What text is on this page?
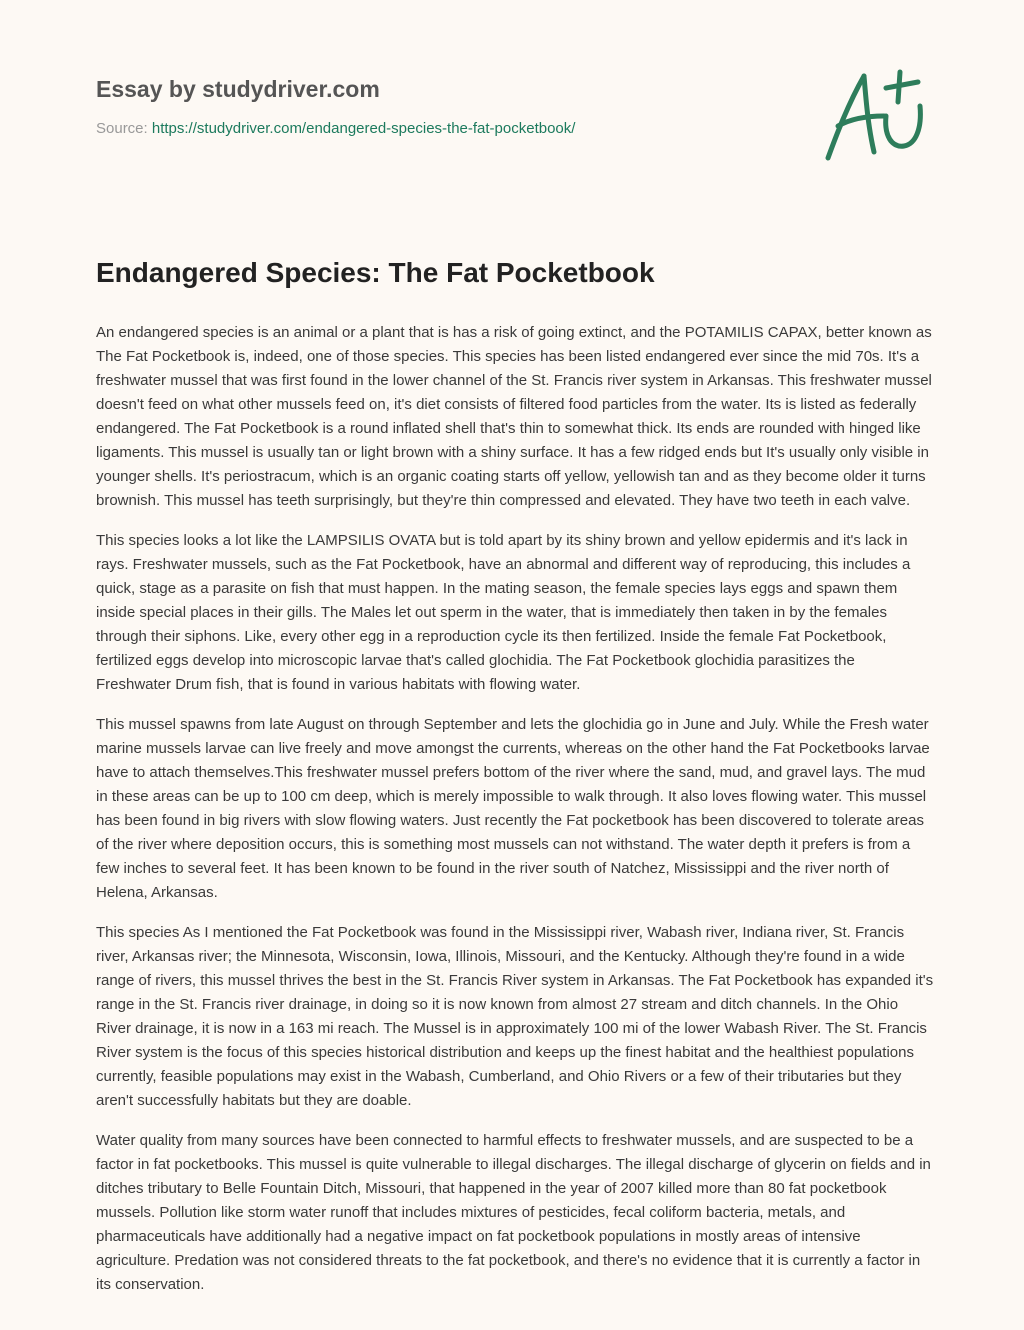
Essay by studydriver.com
Source: https://studydriver.com/endangered-species-the-fat-pocketbook/
Endangered Species: The Fat Pocketbook

An endangered species is an animal or a plant that is has a risk of going extinct, and the POTAMILIS CAPAX, better known as The Fat Pocketbook is, indeed, one of those species. This species has been listed endangered ever since the mid 70s. It's a freshwater mussel that was first found in the lower channel of the St. Francis river system in Arkansas. This freshwater mussel doesn't feed on what other mussels feed on, it's diet consists of filtered food particles from the water. Its is listed as federally endangered. The Fat Pocketbook is a round inflated shell that's thin to somewhat thick. Its ends are rounded with hinged like ligaments. This mussel is usually tan or light brown with a shiny surface. It has a few ridged ends but It's usually only visible in younger shells. It's periostracum, which is an organic coating starts off yellow, yellowish tan and as they become older it turns brownish. This mussel has teeth surprisingly, but they're thin compressed and elevated. They have two teeth in each valve.

This species looks a lot like the LAMPSILIS OVATA but is told apart by its shiny brown and yellow epidermis and it's lack in rays. Freshwater mussels, such as the Fat Pocketbook, have an abnormal and different way of reproducing, this includes a quick, stage as a parasite on fish that must happen. In the mating season, the female species lays eggs and spawn them inside special places in their gills. The Males let out sperm in the water, that is immediately then taken in by the females through their siphons. Like, every other egg in a reproduction cycle its then fertilized. Inside the female Fat Pocketbook, fertilized eggs develop into microscopic larvae that's called glochidia. The Fat Pocketbook glochidia parasitizes the Freshwater Drum fish, that is found in various habitats with flowing water.

This mussel spawns from late August on through September and lets the glochidia go in June and July. While the Fresh water marine mussels larvae can live freely and move amongst the currents, whereas on the other hand the Fat Pocketbooks larvae have to attach themselves.This freshwater mussel prefers bottom of the river where the sand, mud, and gravel lays. The mud in these areas can be up to 100 cm deep, which is merely impossible to walk through. It also loves flowing water. This mussel has been found in big rivers with slow flowing waters. Just recently the Fat pocketbook has been discovered to tolerate areas of the river where deposition occurs, this is something most mussels can not withstand. The water depth it prefers is from a few inches to several feet. It has been known to be found in the river south of Natchez, Mississippi and the river north of Helena, Arkansas.

This species As I mentioned the Fat Pocketbook was found in the Mississippi river, Wabash river, Indiana river, St. Francis river, Arkansas river; the Minnesota, Wisconsin, Iowa, Illinois, Missouri, and the Kentucky. Although they're found in a wide range of rivers, this mussel thrives the best in the St. Francis River system in Arkansas. The Fat Pocketbook has expanded it's range in the St. Francis river drainage, in doing so it is now known from almost 27 stream and ditch channels. In the Ohio River drainage, it is now in a 163 mi reach. The Mussel is in approximately 100 mi of the lower Wabash River. The St. Francis River system is the focus of this species historical distribution and keeps up the finest habitat and the healthiest populations currently, feasible populations may exist in the Wabash, Cumberland, and Ohio Rivers or a few of their tributaries but they aren't successfully habitats but they are doable.

Water quality from many sources have been connected to harmful effects to freshwater mussels, and are suspected to be a factor in fat pocketbooks. This mussel is quite vulnerable to illegal discharges. The illegal discharge of glycerin on fields and in ditches tributary to Belle Fountain Ditch, Missouri, that happened in the year of 2007 killed more than 80 fat pocketbook mussels. Pollution like storm water runoff that includes mixtures of pesticides, fecal coliform bacteria, metals, and pharmaceuticals have additionally had a negative impact on fat pocketbook populations in mostly areas of intensive agriculture. Predation was not considered threats to the fat pocketbook, and there's no evidence that it is currently a factor in its conservation.
